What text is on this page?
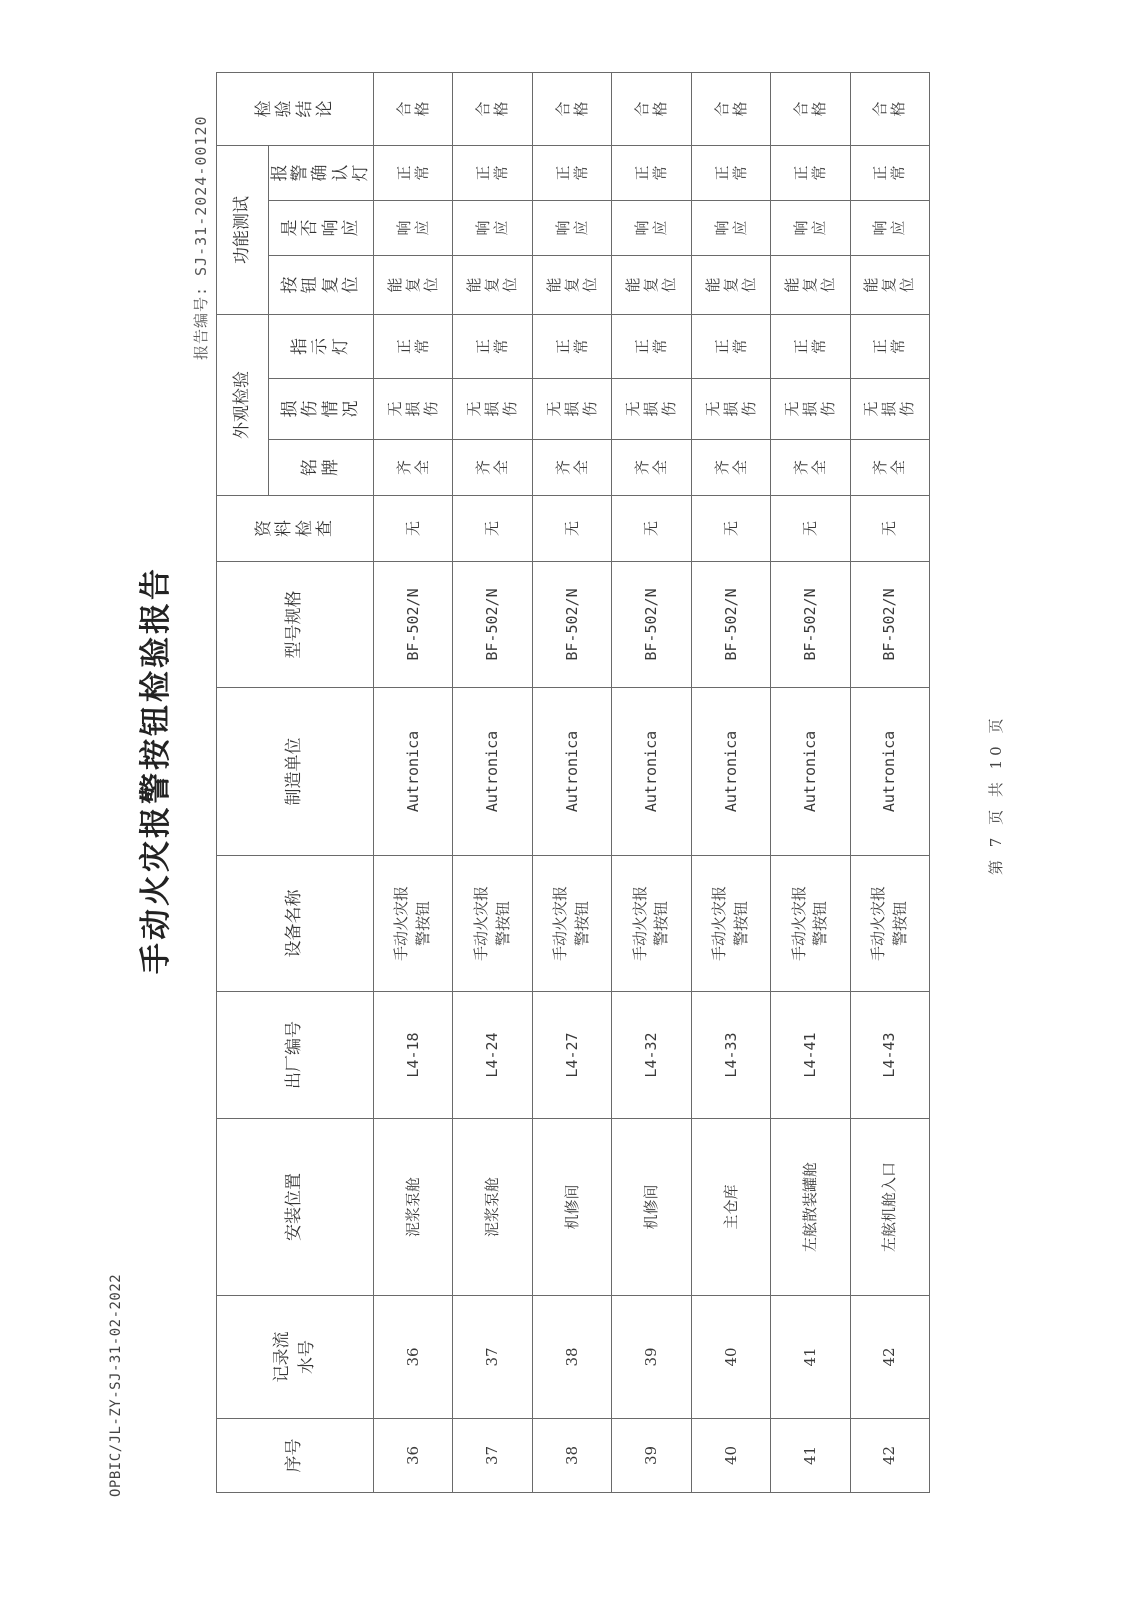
OPBIC/JL-ZY-SJ-31-02-2022
报告编号: SJ-31-2024-00120
手动火灾报警按钮检验报告
序号	记录流水号	安装位置	出厂编号	设备名称	制造单位	型号规格	资料检查	外观检验			功能测试			检验结论
								铭牌	损伤情况	指示灯	按钮复位	是否响应	报警确认灯	
36	36	泥浆泵舱	L4-18	手动火灾报警按钮	Autronica	BF-502/N	无	齐全	无损伤	正常	能复位	响应	正常	合格
37	37	泥浆泵舱	L4-24	手动火灾报警按钮	Autronica	BF-502/N	无	齐全	无损伤	正常	能复位	响应	正常	合格
38	38	机修间	L4-27	手动火灾报警按钮	Autronica	BF-502/N	无	齐全	无损伤	正常	能复位	响应	正常	合格
39	39	机修间	L4-32	手动火灾报警按钮	Autronica	BF-502/N	无	齐全	无损伤	正常	能复位	响应	正常	合格
40	40	主仓库	L4-33	手动火灾报警按钮	Autronica	BF-502/N	无	齐全	无损伤	正常	能复位	响应	正常	合格
41	41	左舷散装罐舱	L4-41	手动火灾报警按钮	Autronica	BF-502/N	无	齐全	无损伤	正常	能复位	响应	正常	合格
42	42	左舷机舱入口	L4-43	手动火灾报警按钮	Autronica	BF-502/N	无	齐全	无损伤	正常	能复位	响应	正常	合格
第 7 页 共 10 页
